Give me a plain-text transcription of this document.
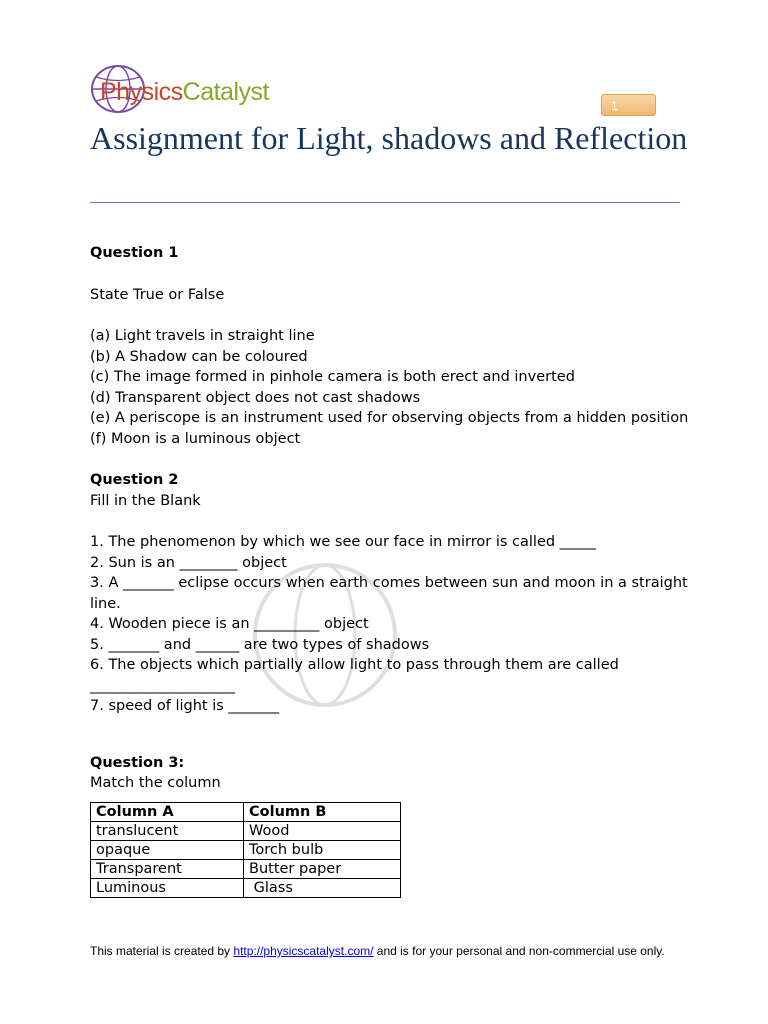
PhysicsCatalyst	1
Assignment for Light, shadows and Reflection

Question 1

State True or False

(a) Light travels in straight line

(b) A Shadow can be coloured

(c) The image formed in pinhole camera is both erect and inverted

(d) Transparent object does not cast shadows

(e) A periscope is an instrument used for observing objects from a hidden position

(f) Moon is a luminous object

Question 2

Fill in the Blank

1. The phenomenon by which we see our face in mirror is called _____

2. Sun is an ________ object

3. A _______ eclipse occurs when earth comes between sun and moon in a straight line.

4. Wooden piece is an _________ object

5. _______ and ______ are two types of shadows

6. The objects which partially allow light to pass through them are called ____________________

7. speed of light is _______

Question 3:

Match the column

Column A	Column B
translucent	Wood
opaque	Torch bulb
Transparent	Butter paper
Luminous	Glass
This material is created by http://physicscatalyst.com/ and is for your personal and non-commercial use only.
